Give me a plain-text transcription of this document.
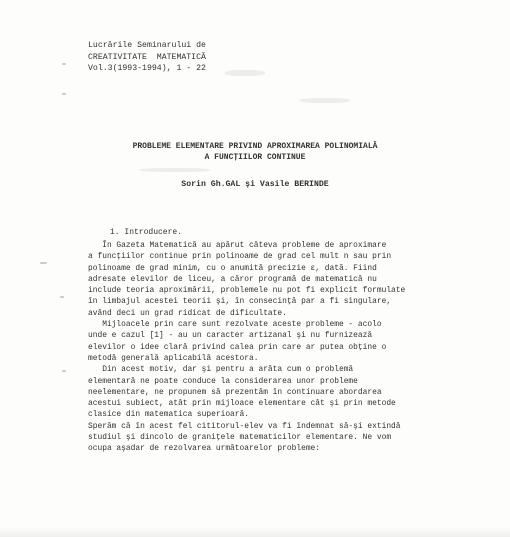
Lucrările Seminarului de
CREATIVITATE  MATEMATICĂ
Vol.3(1993-1994), 1 - 22
PROBLEME ELEMENTARE PRIVIND APROXIMAREA POLINOMIALĂ
A FUNCŢIILOR CONTINUE
Sorin Gh.GAL şi Vasile BERINDE
1. Introducere.
În Gazeta Matematică au apărut câteva probleme de aproximare
a funcţiilor continue prin polinoame de grad cel mult n sau prin
polinoame de grad minim, cu o anumită precizie ε, dată. Fiind
adresate elevilor de liceu, a căror programă de matematică nu
include teoria aproximării, problemele nu pot fi explicit formulate
în limbajul acestei teorii şi, în consecinţă par a fi singulare,
având deci un grad ridicat de dificultate.
Mijloacele prin care sunt rezolvate aceste probleme - acolo
unde e cazul [1] - au un caracter artizanal şi nu furnizează
elevilor o idee clară privind calea prin care ar putea obţine o
metodă generală aplicabilă acestora.
Din acest motiv, dar şi pentru a arăta cum o problemă
elementară ne poate conduce la considerarea unor probleme
neelementare, ne propunem să prezentăm în continuare abordarea
acestui subiect, atât prin mijloace elementare cât şi prin metode
clasice din matematica superioară.
Sperăm că în acest fel cititorul-elev va fi îndemnat să-şi extindă
studiul şi dincolo de graniţele matematicilor elementare. Ne vom
ocupa aşadar de rezolvarea următoarelor probleme:
